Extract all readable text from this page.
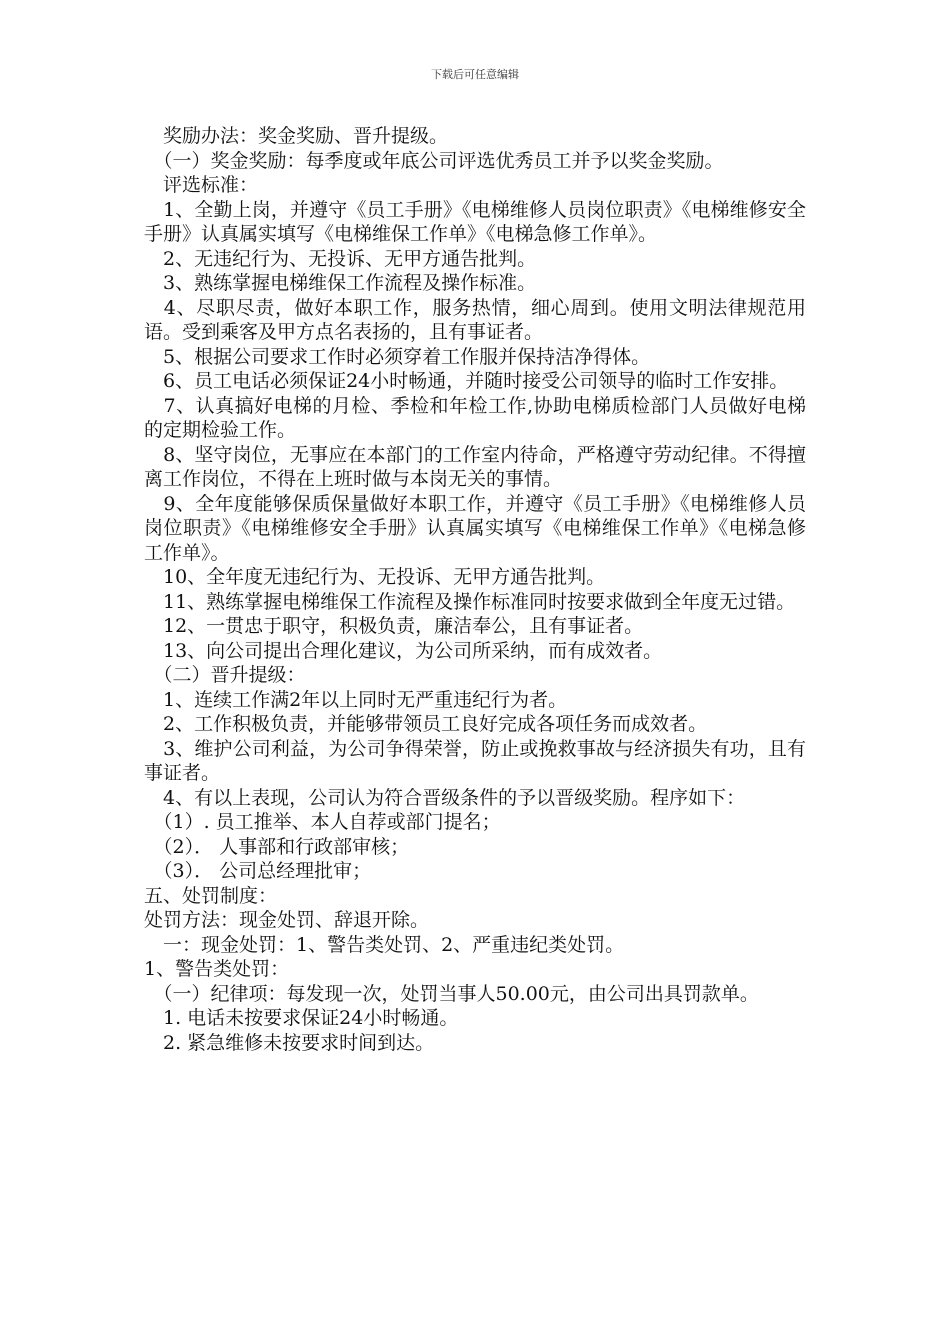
下载后可任意编辑

　奖励办法：奖金奖励、晋升提级。

　（一）奖金奖励：每季度或年底公司评选优秀员工并予以奖金奖励。

　评选标准：

　1、全勤上岗，并遵守《员工手册》《电梯维修人员岗位职责》《电梯维修安全手册》认真属实填写《电梯维保工作单》《电梯急修工作单》。

　2、无违纪行为、无投诉、无甲方通告批判。

　3、熟练掌握电梯维保工作流程及操作标准。

　4、尽职尽责，做好本职工作，服务热情，细心周到。使用文明法律规范用语。受到乘客及甲方点名表扬的，且有事证者。

　5、根据公司要求工作时必须穿着工作服并保持洁净得体。

　6、员工电话必须保证24小时畅通，并随时接受公司领导的临时工作安排。

　7、认真搞好电梯的月检、季检和年检工作,协助电梯质检部门人员做好电梯的定期检验工作。

　8、坚守岗位，无事应在本部门的工作室内待命，严格遵守劳动纪律。不得擅离工作岗位，不得在上班时做与本岗无关的事情。

　9、全年度能够保质保量做好本职工作，并遵守《员工手册》《电梯维修人员岗位职责》《电梯维修安全手册》认真属实填写《电梯维保工作单》《电梯急修工作单》。

　10、全年度无违纪行为、无投诉、无甲方通告批判。

　11、熟练掌握电梯维保工作流程及操作标准同时按要求做到全年度无过错。

　12、一贯忠于职守，积极负责，廉洁奉公，且有事证者。

　13、向公司提出合理化建议，为公司所采纳，而有成效者。

　（二）晋升提级：

　1、连续工作满2年以上同时无严重违纪行为者。

　2、工作积极负责，并能够带领员工良好完成各项任务而成效者。

　3、维护公司利益，为公司争得荣誉，防止或挽救事故与经济损失有功，且有事证者。

　4、有以上表现，公司认为符合晋级条件的予以晋级奖励。程序如下：

　（1）. 员工推举、本人自荐或部门提名；

　（2）． 人事部和行政部审核；

　（3）． 公司总经理批审；

五、处罚制度：

处罚方法：现金处罚、辞退开除。

　一：现金处罚：1、警告类处罚、2、严重违纪类处罚。

1、警告类处罚：

　（一）纪律项：每发现一次，处罚当事人50.00元，由公司出具罚款单。

　1. 电话未按要求保证24小时畅通。

　2. 紧急维修未按要求时间到达。
